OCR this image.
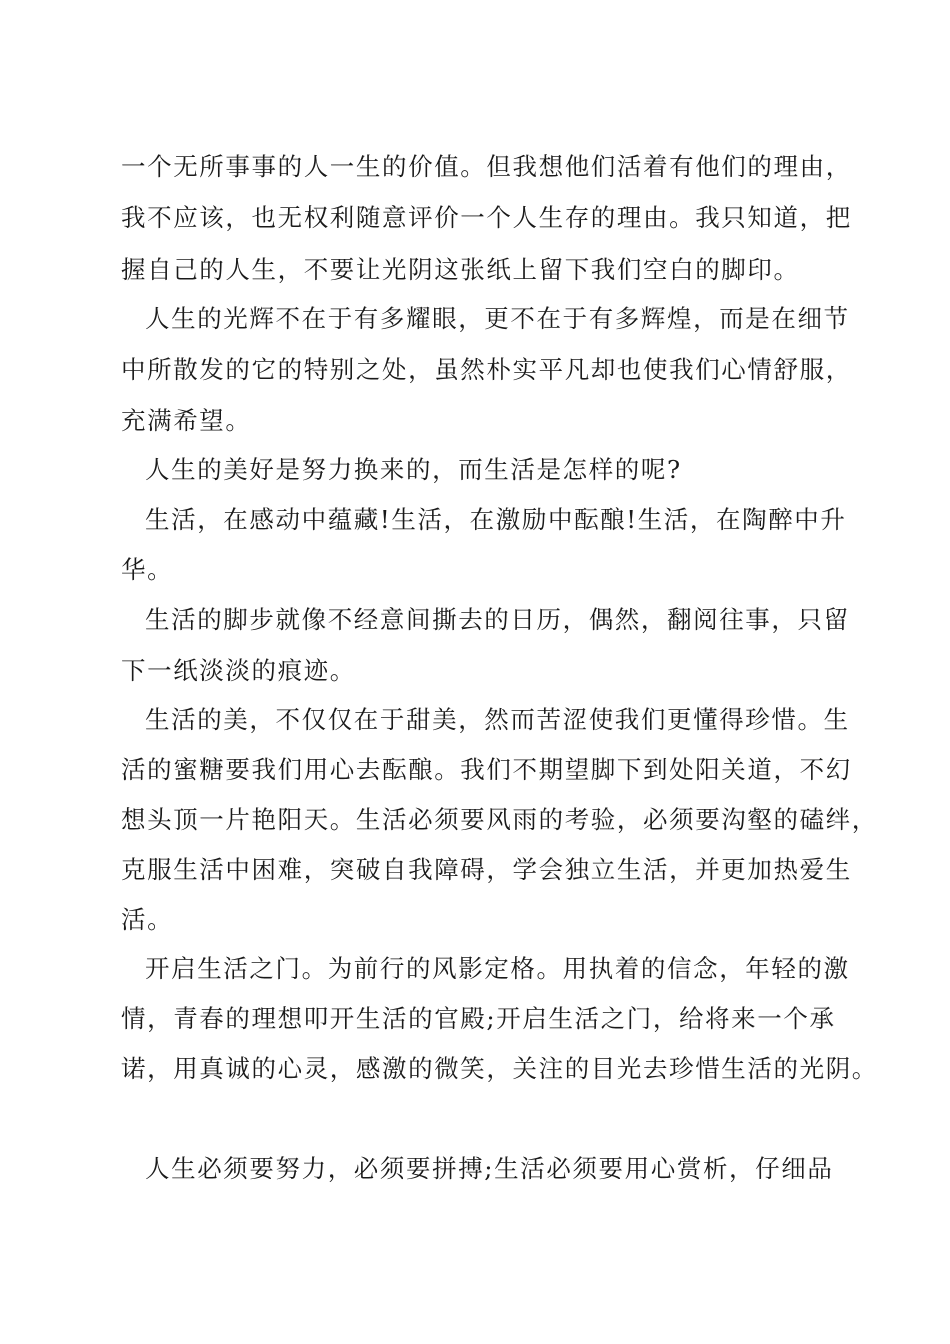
一个无所事事的人一生的价值。但我想他们活着有他们的理由，
我不应该，也无权利随意评价一个人生存的理由。我只知道，把
握自己的人生，不要让光阴这张纸上留下我们空白的脚印。
人生的光辉不在于有多耀眼，更不在于有多辉煌，而是在细节
中所散发的它的特别之处，虽然朴实平凡却也使我们心情舒服，
充满希望。
人生的美好是努力换来的，而生活是怎样的呢?
生活，在感动中蕴藏!生活，在激励中酝酿!生活，在陶醉中升
华。
生活的脚步就像不经意间撕去的日历，偶然，翻阅往事，只留
下一纸淡淡的痕迹。
生活的美，不仅仅在于甜美，然而苦涩使我们更懂得珍惜。生
活的蜜糖要我们用心去酝酿。我们不期望脚下到处阳关道，不幻
想头顶一片艳阳天。生活必须要风雨的考验，必须要沟壑的磕绊，
克服生活中困难，突破自我障碍，学会独立生活，并更加热爱生
活。
开启生活之门。为前行的风影定格。用执着的信念，年轻的激
情，青春的理想叩开生活的官殿;开启生活之门，给将来一个承
诺，用真诚的心灵，感激的微笑，关注的目光去珍惜生活的光阴。
人生必须要努力，必须要拼搏;生活必须要用心赏析，仔细品
